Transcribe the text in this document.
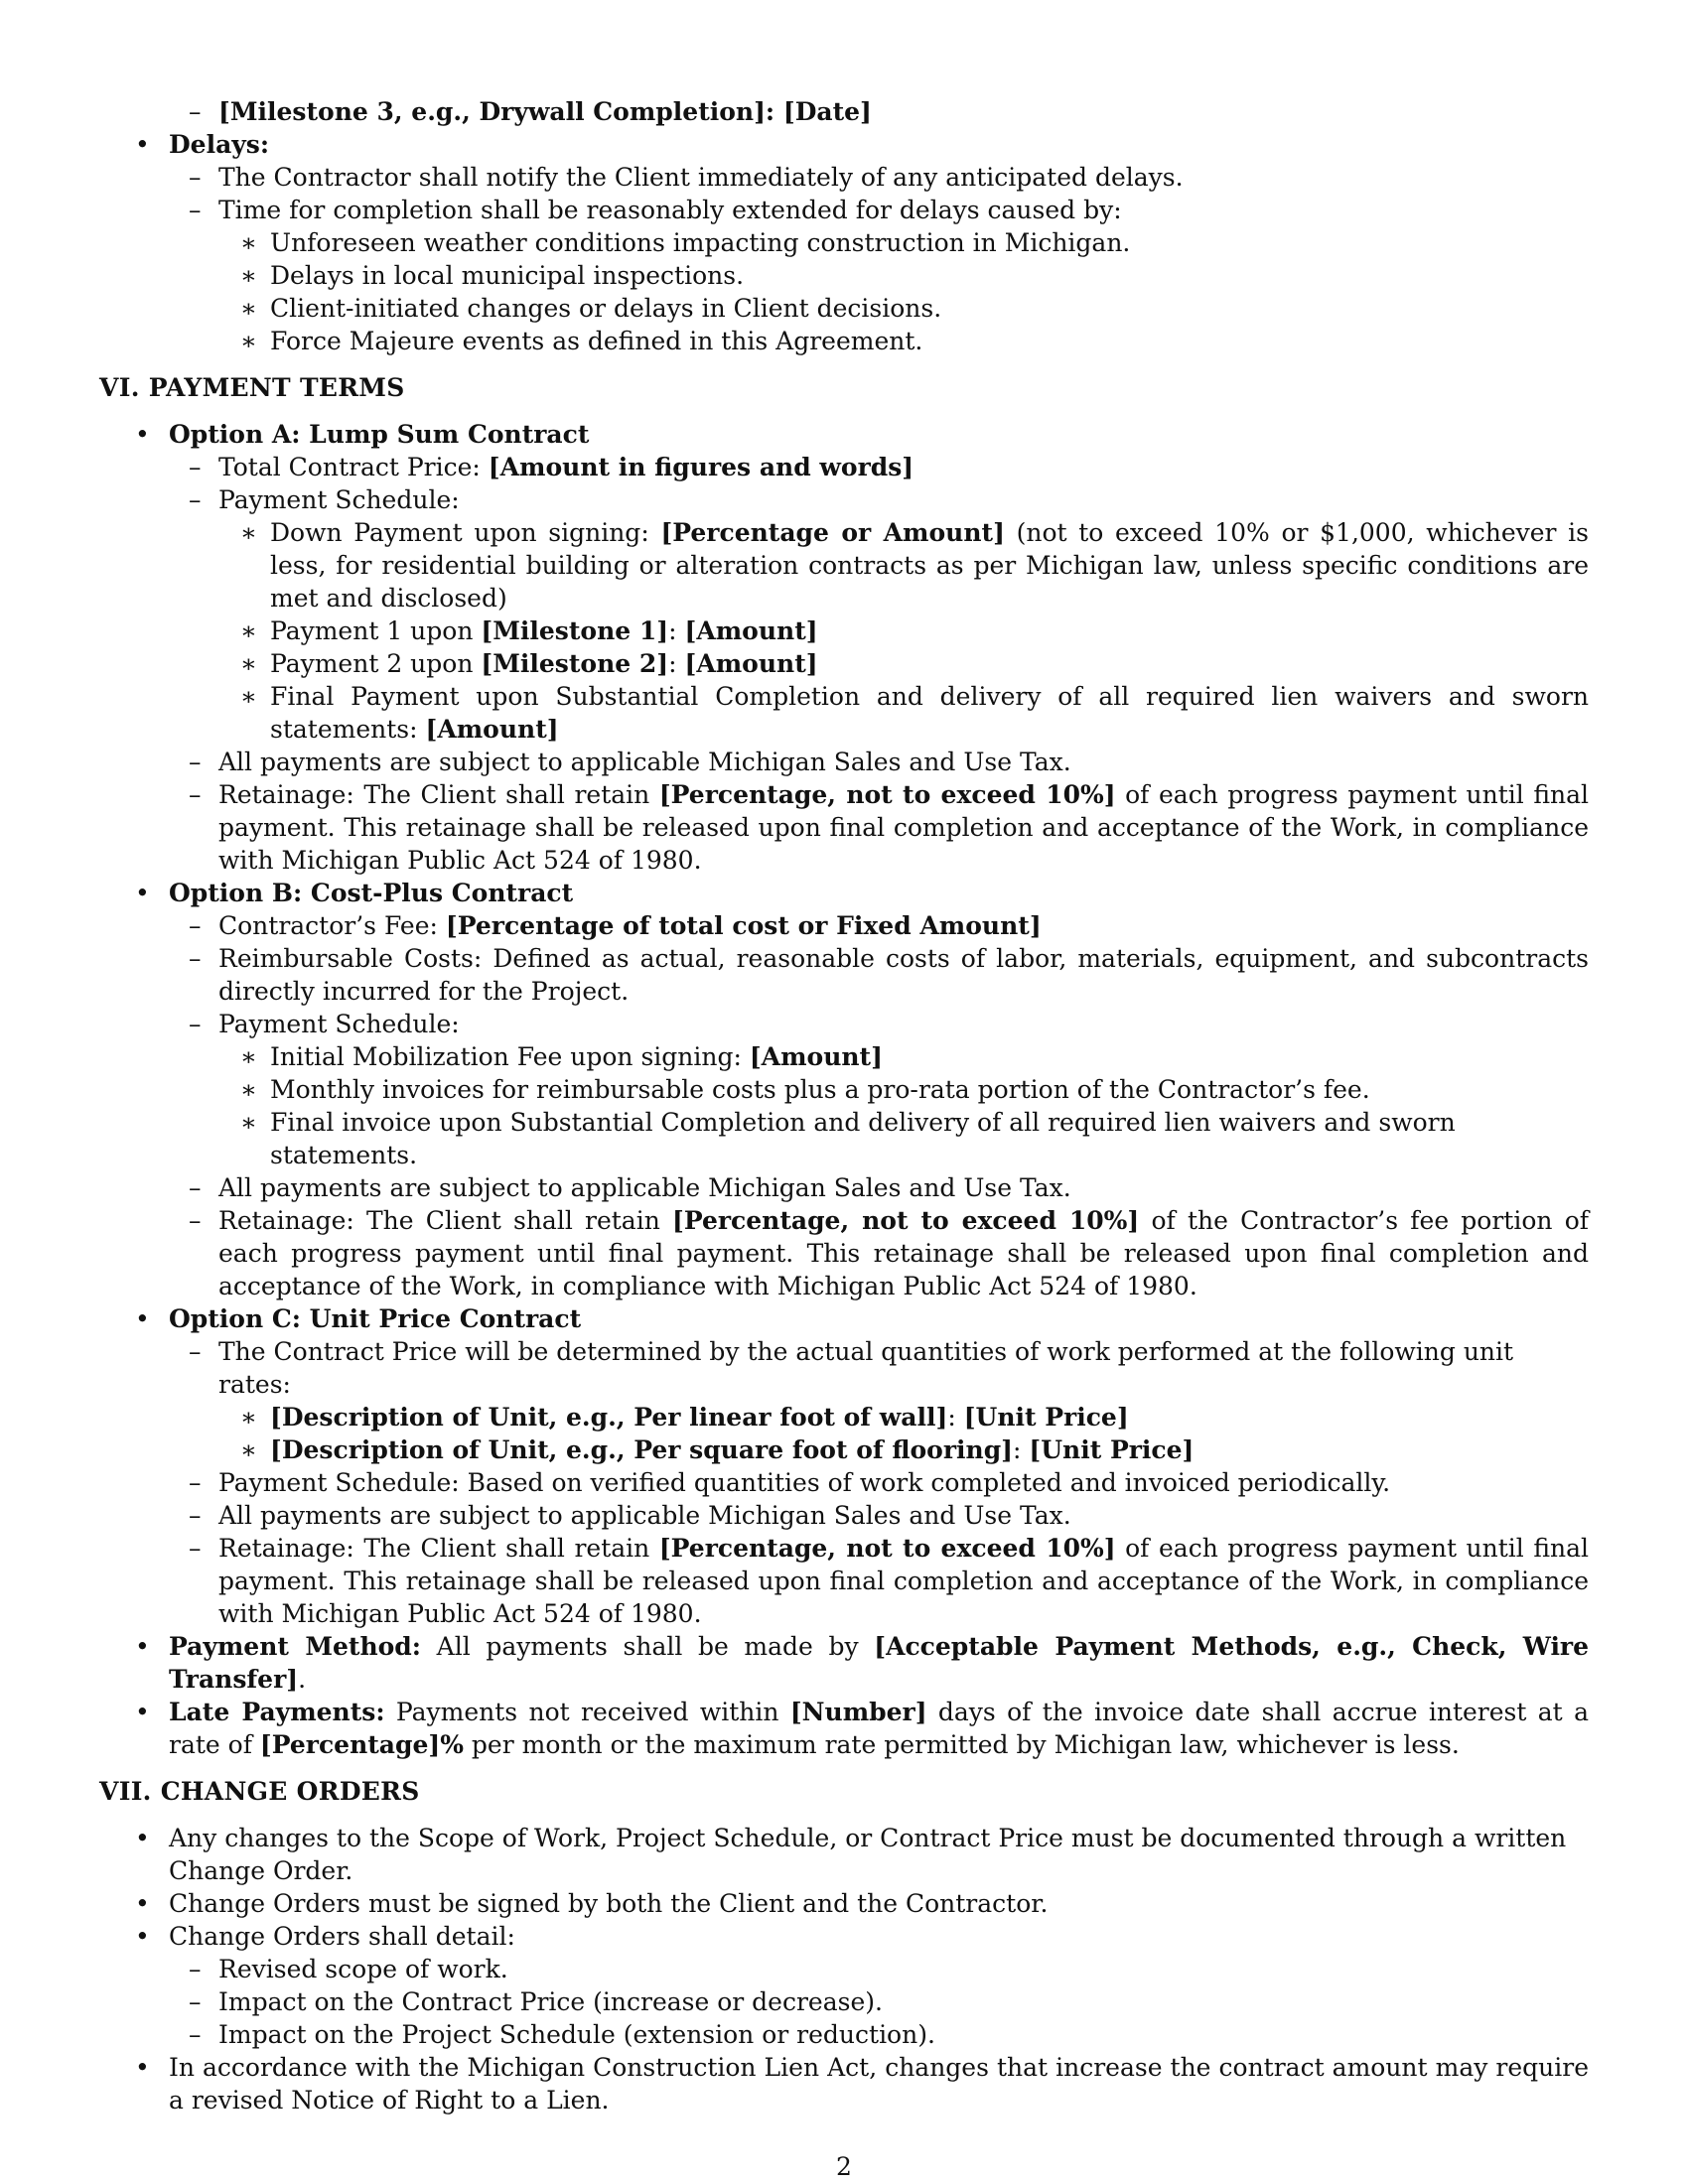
– [Milestone 3, e.g., Drywall Completion]: [Date]
• Delays:
– The Contractor shall notify the Client immediately of any anticipated delays.
– Time for completion shall be reasonably extended for delays caused by:
∗ Unforeseen weather conditions impacting construction in Michigan.
∗ Delays in local municipal inspections.
∗ Client-initiated changes or delays in Client decisions.
∗ Force Majeure events as defined in this Agreement.
VI. PAYMENT TERMS
• Option A: Lump Sum Contract
– Total Contract Price: [Amount in figures and words]
– Payment Schedule:
∗ Down Payment upon signing: [Percentage or Amount] (not to exceed 10% or $1,000, whichever is less, for residential building or alteration contracts as per Michigan law, unless specific conditions are met and disclosed)
∗ Payment 1 upon [Milestone 1]: [Amount]
∗ Payment 2 upon [Milestone 2]: [Amount]
∗ Final Payment upon Substantial Completion and delivery of all required lien waivers and sworn statements: [Amount]
– All payments are subject to applicable Michigan Sales and Use Tax.
– Retainage: The Client shall retain [Percentage, not to exceed 10%] of each progress payment until final payment. This retainage shall be released upon final completion and acceptance of the Work, in compliance with Michigan Public Act 524 of 1980.
• Option B: Cost-Plus Contract
– Contractor’s Fee: [Percentage of total cost or Fixed Amount]
– Reimbursable Costs: Defined as actual, reasonable costs of labor, materials, equipment, and subcontracts directly incurred for the Project.
– Payment Schedule:
∗ Initial Mobilization Fee upon signing: [Amount]
∗ Monthly invoices for reimbursable costs plus a pro-rata portion of the Contractor’s fee.
∗ Final invoice upon Substantial Completion and delivery of all required lien waivers and sworn statements.
– All payments are subject to applicable Michigan Sales and Use Tax.
– Retainage: The Client shall retain [Percentage, not to exceed 10%] of the Contractor’s fee portion of each progress payment until final payment. This retainage shall be released upon final completion and acceptance of the Work, in compliance with Michigan Public Act 524 of 1980.
• Option C: Unit Price Contract
– The Contract Price will be determined by the actual quantities of work performed at the following unit rates:
∗ [Description of Unit, e.g., Per linear foot of wall]: [Unit Price]
∗ [Description of Unit, e.g., Per square foot of flooring]: [Unit Price]
– Payment Schedule: Based on verified quantities of work completed and invoiced periodically.
– All payments are subject to applicable Michigan Sales and Use Tax.
– Retainage: The Client shall retain [Percentage, not to exceed 10%] of each progress payment until final payment. This retainage shall be released upon final completion and acceptance of the Work, in compliance with Michigan Public Act 524 of 1980.
• Payment Method: All payments shall be made by [Acceptable Payment Methods, e.g., Check, Wire Transfer].
• Late Payments: Payments not received within [Number] days of the invoice date shall accrue interest at a rate of [Percentage]% per month or the maximum rate permitted by Michigan law, whichever is less.
VII. CHANGE ORDERS
• Any changes to the Scope of Work, Project Schedule, or Contract Price must be documented through a written Change Order.
• Change Orders must be signed by both the Client and the Contractor.
• Change Orders shall detail:
– Revised scope of work.
– Impact on the Contract Price (increase or decrease).
– Impact on the Project Schedule (extension or reduction).
• In accordance with the Michigan Construction Lien Act, changes that increase the contract amount may require a revised Notice of Right to a Lien.
2
